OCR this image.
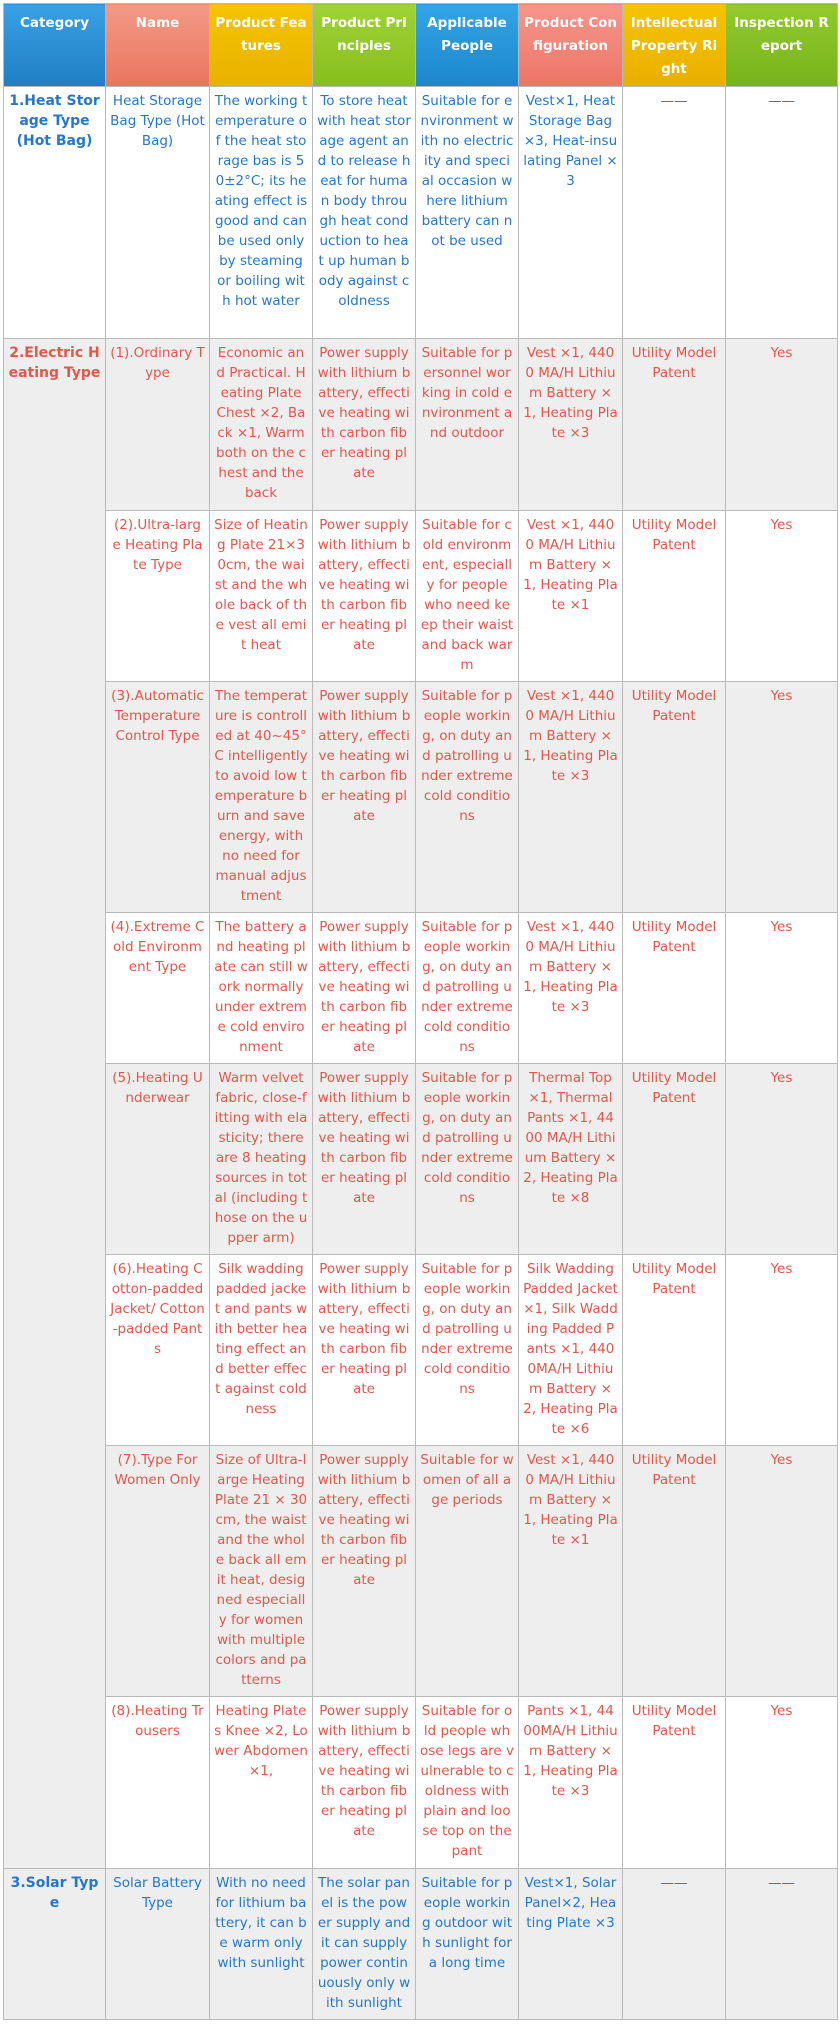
Category	Name	Product Features	Product Principles	Applicable People	Product Configuration	Intellectual Property Right	Inspection Report
1.Heat Storage Type (Hot Bag)	Heat Storage Bag Type (Hot Bag)	The working temperature of the heat storage bas is 50±2°C; its heating effect is good and can be used only by steaming or boiling with hot water	To store heat with heat storage agent and to release heat for human body through heat conduction to heat up human body against coldness	Suitable for environment with no electricity and special occasion where lithium battery can not be used	Vest×1, Heat Storage Bag ×3, Heat-insulating Panel ×3	——	——
2.Electric Heating Type	(1).Ordinary Type	Economic and Practical. Heating Plate Chest ×2, Back ×1, Warm both on the chest and the back	Power supply with lithium battery, effective heating with carbon fiber heating plate	Suitable for personnel working in cold environment and outdoor	Vest ×1, 4400 MA/H Lithium Battery ×1, Heating Plate ×3	Utility Model Patent	Yes
	(2).Ultra-large Heating Plate Type	Size of Heating Plate 21×30cm, the waist and the whole back of the vest all emit heat	Power supply with lithium battery, effective heating with carbon fiber heating plate	Suitable for cold environment, especially for people who need keep their waist and back warm	Vest ×1, 4400 MA/H Lithium Battery ×1, Heating Plate ×1	Utility Model Patent	Yes
	(3).Automatic Temperature Control Type	The temperature is controlled at 40~45°C intelligently to avoid low temperature burn and save energy, with no need for manual adjustment	Power supply with lithium battery, effective heating with carbon fiber heating plate	Suitable for people working, on duty and patrolling under extreme cold conditions	Vest ×1, 4400 MA/H Lithium Battery ×1, Heating Plate ×3	Utility Model Patent	Yes
	(4).Extreme Cold Environment Type	The battery and heating plate can still work normally under extreme cold environment	Power supply with lithium battery, effective heating with carbon fiber heating plate	Suitable for people working, on duty and patrolling under extreme cold conditions	Vest ×1, 4400 MA/H Lithium Battery ×1, Heating Plate ×3	Utility Model Patent	Yes
	(5).Heating Underwear	Warm velvet fabric, close-fitting with elasticity; there are 8 heating sources in total (including those on the upper arm)	Power supply with lithium battery, effective heating with carbon fiber heating plate	Suitable for people working, on duty and patrolling under extreme cold conditions	Thermal Top ×1, Thermal Pants ×1, 4400 MA/H Lithium Battery ×2, Heating Plate ×8	Utility Model Patent	Yes
	(6).Heating Cotton-padded Jacket/ Cotton-padded Pants	Silk wadding padded jacket and pants with better heating effect and better effect against coldness	Power supply with lithium battery, effective heating with carbon fiber heating plate	Suitable for people working, on duty and patrolling under extreme cold conditions	Silk Wadding Padded Jacket ×1, Silk Wadding Padded Pants ×1, 4400MA/H Lithium Battery ×2, Heating Plate ×6	Utility Model Patent	Yes
	(7).Type For Women Only	Size of Ultra-large Heating Plate 21 × 30 cm, the waist and the whole back all emit heat, designed especially for women with multiple colors and patterns	Power supply with lithium battery, effective heating with carbon fiber heating plate	Suitable for women of all age periods	Vest ×1, 4400 MA/H Lithium Battery ×1, Heating Plate ×1	Utility Model Patent	Yes
	(8).Heating Trousers	Heating Plates Knee ×2, Lower Abdomen ×1,	Power supply with lithium battery, effective heating with carbon fiber heating plate	Suitable for old people whose legs are vulnerable to coldness with plain and loose top on the pant	Pants ×1, 4400MA/H Lithium Battery ×1, Heating Plate ×3	Utility Model Patent	Yes
3.Solar Type	Solar Battery Type	With no need for lithium battery, it can be warm only with sunlight	The solar panel is the power supply and it can supply power continuously only with sunlight	Suitable for people working outdoor with sunlight for a long time	Vest×1, Solar Panel×2, Heating Plate ×3	——	——
